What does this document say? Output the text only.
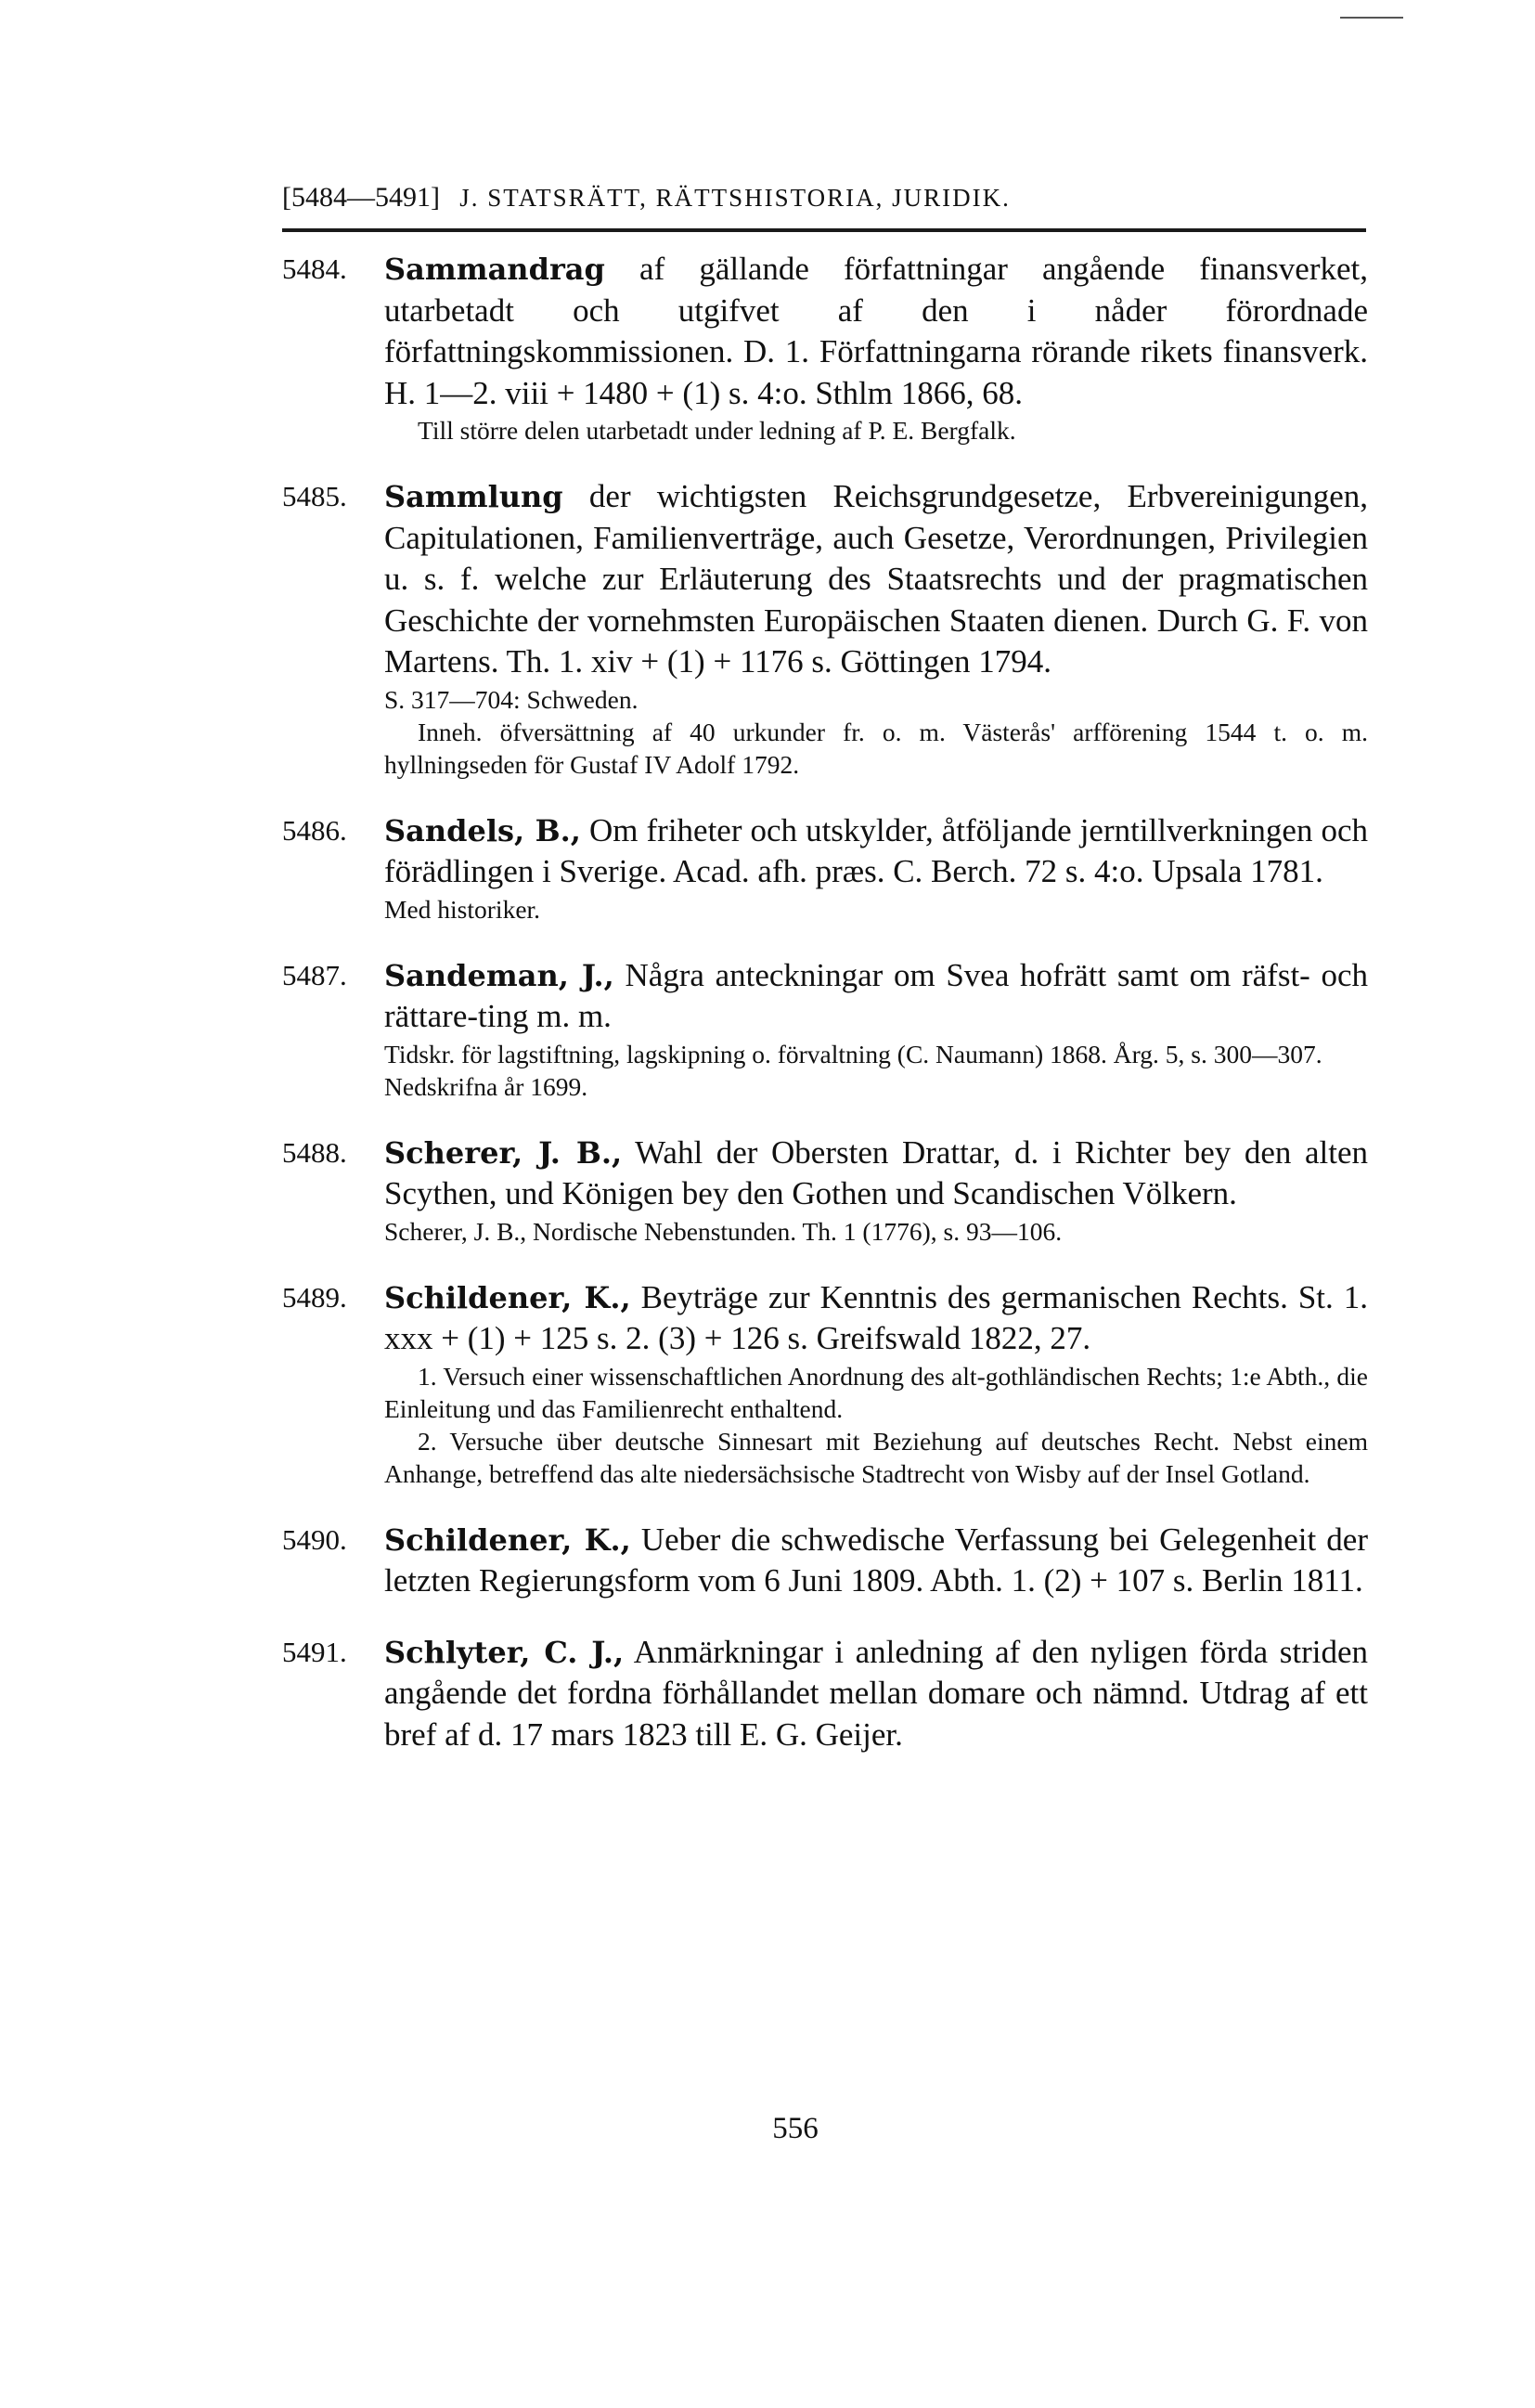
[5484—5491] J. STATSRÄTT, RÄTTSHISTORIA, JURIDIK.
5484. Sammandrag af gällande författningar angående finansverket, utarbetadt och utgifvet af den i nåder förordnade författningskommissionen. D. 1. Författningarna rörande rikets finansverk. H. 1—2. viii + 1480 + (1) s. 4:o. Sthlm 1866, 68.
Till större delen utarbetadt under ledning af P. E. Bergfalk.
5485. Sammlung der wichtigsten Reichsgrundgesetze, Erbvereinigungen, Capitulationen, Familienverträge, auch Gesetze, Verordnungen, Privilegien u. s. f. welche zur Erläuterung des Staatsrechts und der pragmatischen Geschichte der vornehmsten Europäischen Staaten dienen. Durch G. F. von Martens. Th. 1. xiv + (1) + 1176 s. Göttingen 1794.
S. 317—704: Schweden.
Inneh. öfversättning af 40 urkunder fr. o. m. Västerås' arfförening 1544 t. o. m. hyllningseden för Gustaf IV Adolf 1792.
5486. Sandels, B., Om friheter och utskylder, åtföljande jerntillverkningen och förädlingen i Sverige. Acad. afh. præs. C. Berch. 72 s. 4:o. Upsala 1781.
Med historiker.
5487. Sandeman, J., Några anteckningar om Svea hofrätt samt om räfst- och rättare-ting m. m.
Tidskr. för lagstiftning, lagskipning o. förvaltning (C. Naumann) 1868. Årg. 5, s. 300—307.
Nedskrifna år 1699.
5488. Scherer, J. B., Wahl der Obersten Drattar, d. i Richter bey den alten Scythen, und Königen bey den Gothen und Scandischen Völkern.
Scherer, J. B., Nordische Nebenstunden. Th. 1 (1776), s. 93—106.
5489. Schildener, K., Beyträge zur Kenntnis des germanischen Rechts. St. 1. xxx + (1) + 125 s. 2. (3) + 126 s. Greifswald 1822, 27.
1. Versuch einer wissenschaftlichen Anordnung des alt-gothländischen Rechts; 1:e Abth., die Einleitung und das Familienrecht enthaltend.
2. Versuche über deutsche Sinnesart mit Beziehung auf deutsches Recht. Nebst einem Anhange, betreffend das alte niedersächsische Stadtrecht von Wisby auf der Insel Gotland.
5490. Schildener, K., Ueber die schwedische Verfassung bei Gelegenheit der letzten Regierungsform vom 6 Juni 1809. Abth. 1. (2) + 107 s. Berlin 1811.
5491. Schlyter, C. J., Anmärkningar i anledning af den nyligen förda striden angående det fordna förhållandet mellan domare och nämnd. Utdrag af ett bref af d. 17 mars 1823 till E. G. Geijer.
556
